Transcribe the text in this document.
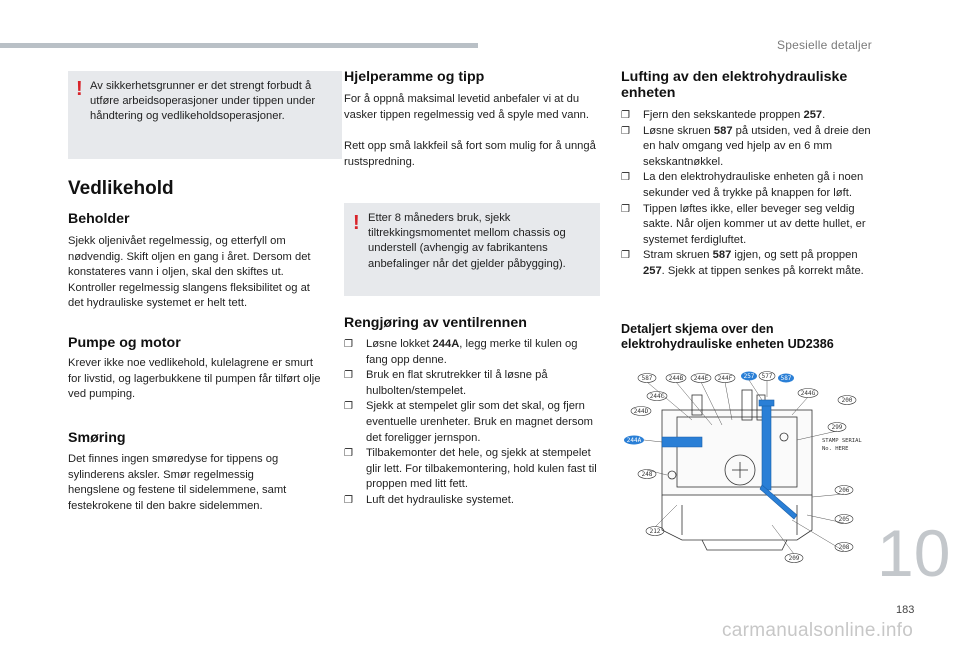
Spesielle detaljer
! Av sikkerhetsgrunner er det strengt forbudt å utføre arbeidsoperasjoner under tippen under håndtering og vedlikeholdsoperasjoner.
Vedlikehold
Beholder

Sjekk oljenivået regelmessig, og etterfyll om nødvendig. Skift oljen en gang i året. Dersom det konstateres vann i oljen, skal den skiftes ut. Kontroller regelmessig slangens fleksibilitet og at det hydrauliske systemet er helt tett.

Pumpe og motor

Krever ikke noe vedlikehold, kulelagrene er smurt for livstid, og lagerbukkene til pumpen får tilført olje ved pumping.

Smøring

Det finnes ingen smøredyse for tippens og sylinderens aksler. Smør regelmessig hengslene og festene til sidelemmene, samt festekrokene til den bakre sidelemmen.

Hjelperamme og tipp

For å oppnå maksimal levetid anbefaler vi at du vasker tippen regelmessig ved å spyle med vann.

Rett opp små lakkfeil så fort som mulig for å unngå rustspredning.

! Etter 8 måneders bruk, sjekk tiltrekkingsmomentet mellom chassis og understell (avhengig av fabrikantens anbefalinger når det gjelder påbygging).
Rengjøring av ventilrennen
❐ Løsne lokket 244A, legg merke til kulen og fang opp denne.
❐ Bruk en flat skrutrekker til å løsne på hulbolten/stempelet.
❐ Sjekk at stempelet glir som det skal, og fjern eventuelle urenheter. Bruk en magnet dersom det foreligger jernspon.
❐ Tilbakemonter det hele, og sjekk at stempelet glir lett. For tilbakemontering, hold kulen fast til proppen med litt fett.
❐ Luft det hydrauliske systemet.
Lufting av den elektrohydrauliske enheten
❐ Fjern den sekskantede proppen 257.
❐ Løsne skruen 587 på utsiden, ved å dreie den en halv omgang ved hjelp av en 6 mm sekskantnøkkel.
❐ La den elektrohydrauliske enheten gå i noen sekunder ved å trykke på knappen for løft.
❐ Tippen løftes ikke, eller beveger seg veldig sakte. Når oljen kommer ut av dette hullet, er systemet ferdigluftet.
❐ Stram skruen 587 igjen, og sett på proppen 257. Sjekk at tippen senkes på korrekt måte.
Detaljert skjema over den elektrohydrauliske enheten UD2386
587	244B 244E 244F 257 577 587
244C
244D
244A
248
212
244G
200
299
206
205
208
209
STAMP SERIAL
No. HERE
10
183
carmanualsonline.info
